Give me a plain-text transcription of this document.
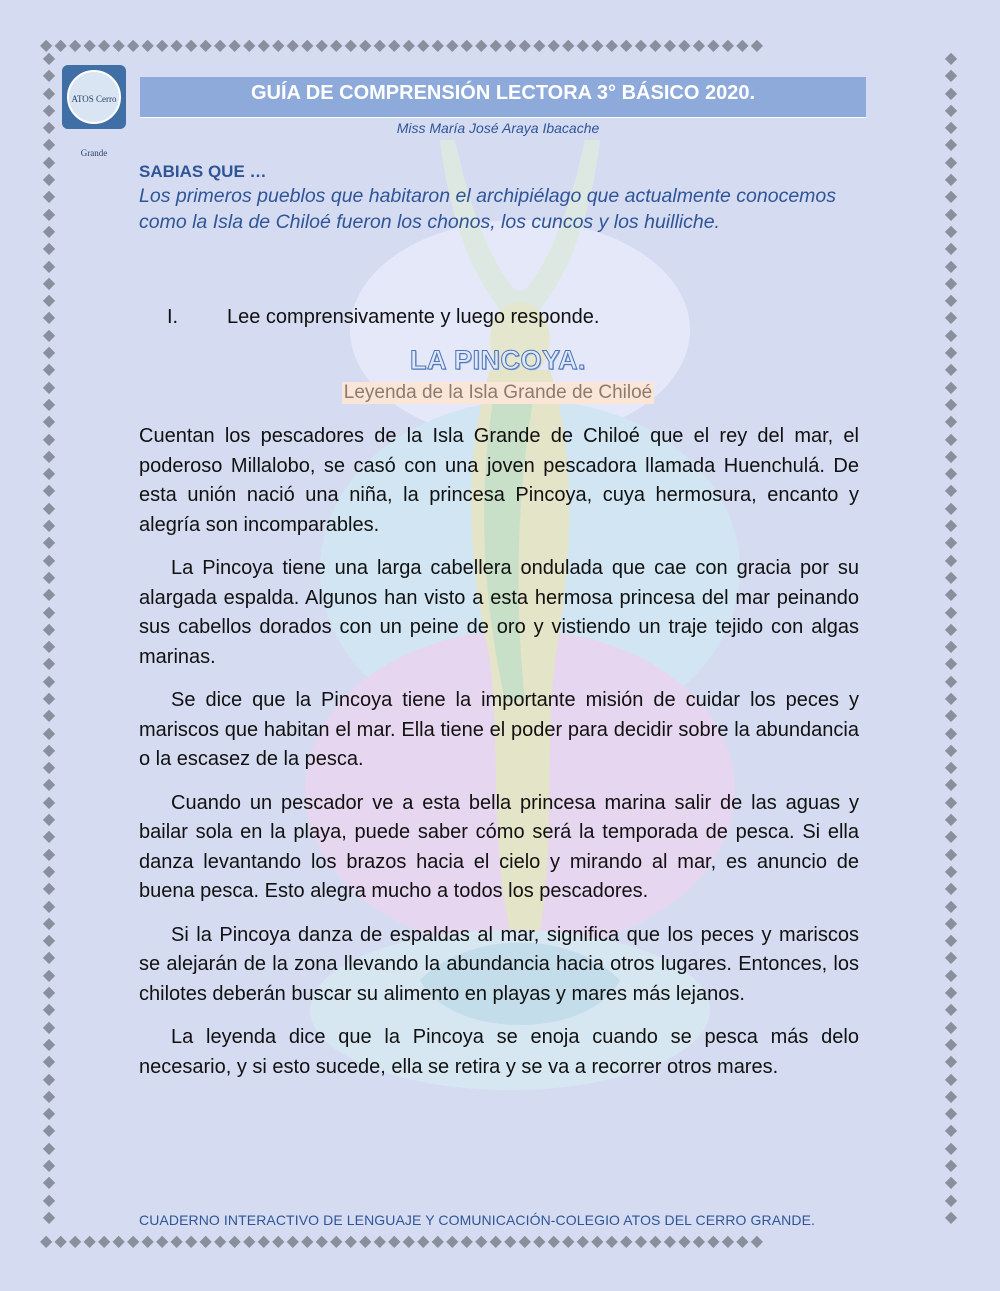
◆◆◆◆◆◆◆◆◆◆◆◆◆◆◆◆◆◆◆◆◆◆◆◆◆◆◆◆◆◆◆◆◆◆◆◆◆◆◆◆◆◆◆◆◆◆◆◆◆◆
◆◆◆◆◆◆◆◆◆◆◆◆◆◆◆◆◆◆◆◆◆◆◆◆◆◆◆◆◆◆◆◆◆◆◆◆◆◆◆◆◆◆◆◆◆◆◆◆◆◆
◆ ◆ ◆ ◆ ◆ ◆ ◆ ◆ ◆ ◆ ◆ ◆ ◆ ◆ ◆ ◆ ◆ ◆ ◆ ◆ ◆ ◆ ◆ ◆ ◆ ◆ ◆ ◆ ◆ ◆ ◆ ◆ ◆ ◆ ◆ ◆ ◆ ◆ ◆ ◆ ◆ ◆ ◆ ◆ ◆ ◆ ◆ ◆ ◆ ◆ ◆ ◆ ◆ ◆ ◆ ◆ ◆ ◆ ◆ ◆ ◆ ◆ ◆ ◆ ◆ ◆ ◆ ◆
◆ ◆ ◆ ◆ ◆ ◆ ◆ ◆ ◆ ◆ ◆ ◆ ◆ ◆ ◆ ◆ ◆ ◆ ◆ ◆ ◆ ◆ ◆ ◆ ◆ ◆ ◆ ◆ ◆ ◆ ◆ ◆ ◆ ◆ ◆ ◆ ◆ ◆ ◆ ◆ ◆ ◆ ◆ ◆ ◆ ◆ ◆ ◆ ◆ ◆ ◆ ◆ ◆ ◆ ◆ ◆ ◆ ◆ ◆ ◆ ◆ ◆ ◆ ◆ ◆ ◆ ◆ ◆
ATOS Cerro Grande
GUÍA DE COMPRENSIÓN LECTORA 3° BÁSICO 2020.
Miss María José Araya Ibacache
SABIAS QUE …
Los primeros pueblos que habitaron el archipiélago que actualmente conocemos como la Isla de Chiloé fueron los chonos, los cuncos y los huilliche.
I. Lee comprensivamente y luego responde.
LA PINCOYA.
Leyenda de la Isla Grande de Chiloé

Cuentan los pescadores de la Isla Grande de Chiloé que el rey del mar, el poderoso Millalobo, se casó con una joven pescadora llamada Huenchulá. De esta unión nació una niña, la princesa Pincoya, cuya hermosura, encanto y alegría son incomparables.

La Pincoya tiene una larga cabellera ondulada que cae con gracia por su alargada espalda. Algunos han visto a esta hermosa princesa del mar peinando sus cabellos dorados con un peine de oro y vistiendo un traje tejido con algas marinas.

Se dice que la Pincoya tiene la importante misión de cuidar los peces y mariscos que habitan el mar. Ella tiene el poder para decidir sobre la abundancia o la escasez de la pesca.

Cuando un pescador ve a esta bella princesa marina salir de las aguas y bailar sola en la playa, puede saber cómo será la temporada de pesca. Si ella danza levantando los brazos hacia el cielo y mirando al mar, es anuncio de buena pesca. Esto alegra mucho a todos los pescadores.

Si la Pincoya danza de espaldas al mar, significa que los peces y mariscos se alejarán de la zona llevando la abundancia hacia otros lugares. Entonces, los chilotes deberán buscar su alimento en playas y mares más lejanos.

La leyenda dice que la Pincoya se enoja cuando se pesca más delo necesario, y si esto sucede, ella se retira y se va a recorrer otros mares.

CUADERNO INTERACTIVO DE LENGUAJE Y COMUNICACIÓN-COLEGIO ATOS DEL CERRO GRANDE.
